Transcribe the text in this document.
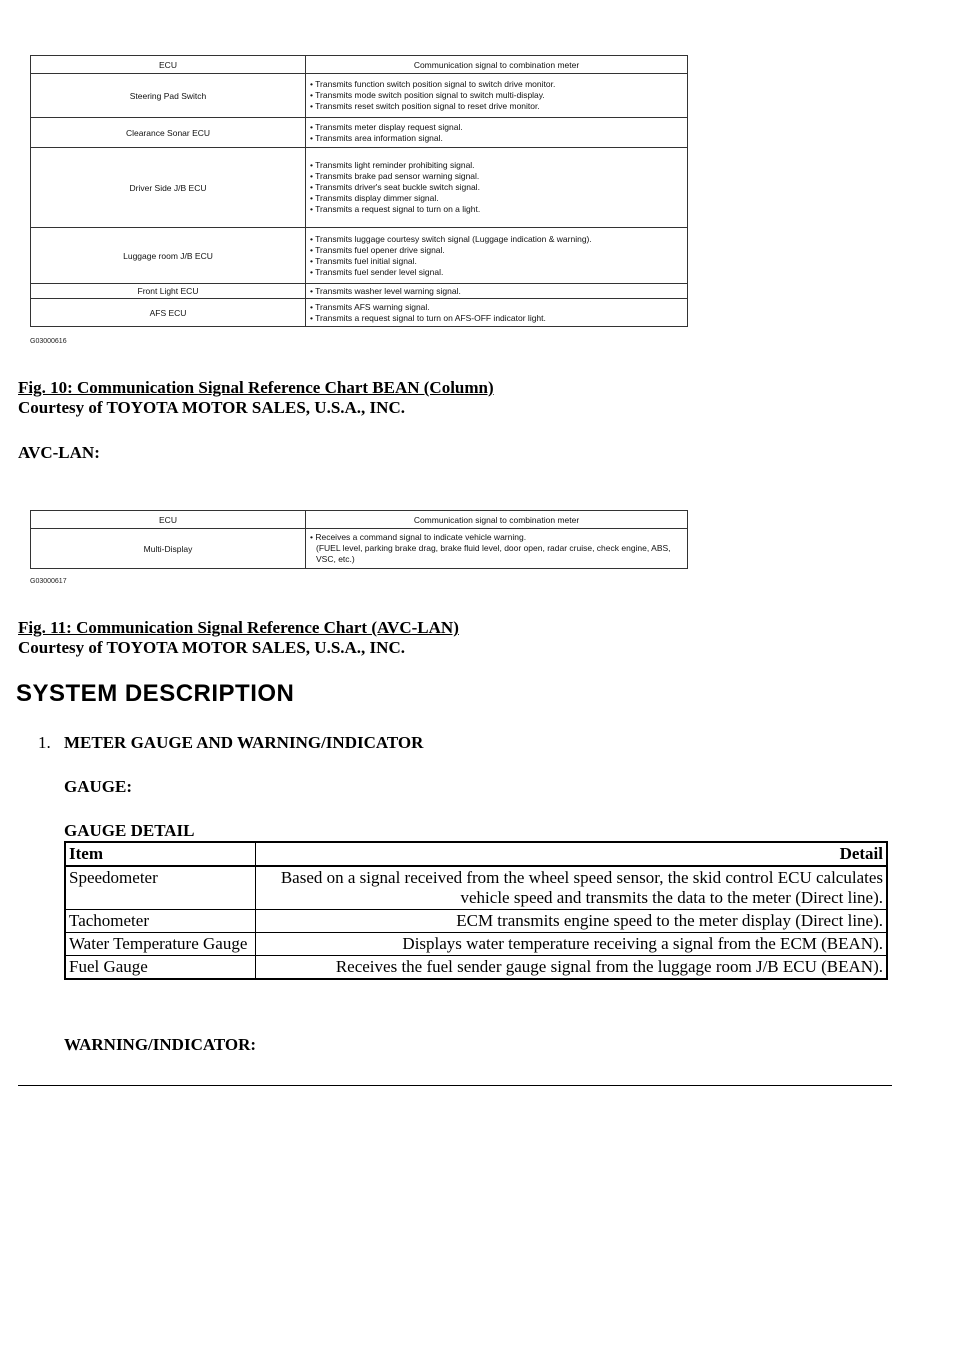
ECU	Communication signal to combination meter
Steering Pad Switch	• Transmits function switch position signal to switch drive monitor.
• Transmits mode switch position signal to switch multi-display.
• Transmits reset switch position signal to reset drive monitor.

Clearance Sonar ECU	• Transmits meter display request signal.
• Transmits area information signal.

Driver Side J/B ECU	• Transmits light reminder prohibiting signal.
• Transmits brake pad sensor warning signal.
• Transmits driver's seat buckle switch signal.
• Transmits display dimmer signal.
• Transmits a request signal to turn on a light.

Luggage room J/B ECU	• Transmits luggage courtesy switch signal (Luggage indication & warning).
• Transmits fuel opener drive signal.
• Transmits fuel initial signal.
• Transmits fuel sender level signal.

Front Light ECU	• Transmits washer level warning signal.

AFS ECU	• Transmits AFS warning signal.
• Transmits a request signal to turn on AFS-OFF indicator light.
G03000616
Fig. 10: Communication Signal Reference Chart BEAN (Column)
Courtesy of TOYOTA MOTOR SALES, U.S.A., INC.
AVC-LAN:
ECU	Communication signal to combination meter
Multi-Display	• Receives a command signal to indicate vehicle warning.
(FUEL level, parking brake drag, brake fluid level, door open, radar cruise, check engine, ABS, VSC, etc.)
G03000617
Fig. 11: Communication Signal Reference Chart (AVC-LAN)
Courtesy of TOYOTA MOTOR SALES, U.S.A., INC.
SYSTEM DESCRIPTION
1. METER GAUGE AND WARNING/INDICATOR
GAUGE:
GAUGE DETAIL
Item	Detail
Speedometer	Based on a signal received from the wheel speed sensor, the skid control ECU calculates vehicle speed and transmits the data to the meter (Direct line).
Tachometer	ECM transmits engine speed to the meter display (Direct line).
Water Temperature Gauge	Displays water temperature receiving a signal from the ECM (BEAN).
Fuel Gauge	Receives the fuel sender gauge signal from the luggage room J/B ECU (BEAN).
WARNING/INDICATOR:
